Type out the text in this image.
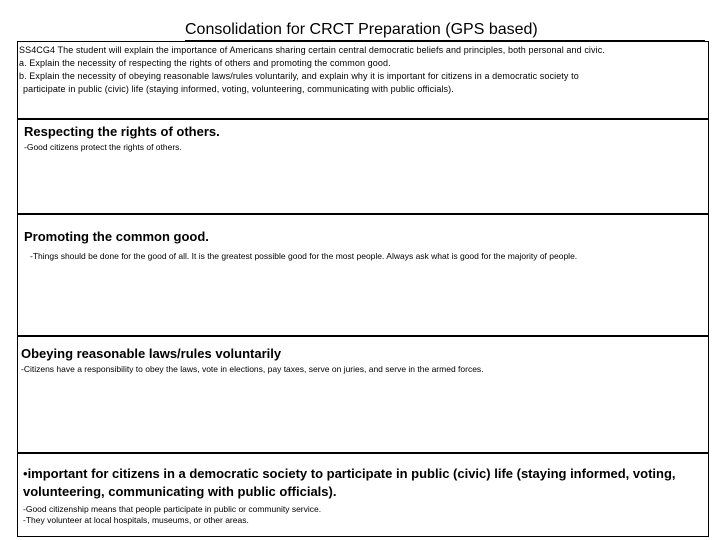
Consolidation for CRCT Preparation (GPS based)
SS4CG4 The student will explain the importance of Americans sharing certain central democratic beliefs and principles, both personal and civic.
a. Explain the necessity of respecting the rights of others and promoting the common good.
b. Explain the necessity of obeying reasonable laws/rules voluntarily, and explain why it is important for citizens in a democratic society to
participate in public (civic) life (staying informed, voting, volunteering, communicating with public officials).
Respecting the rights of others.
-Good citizens protect the rights of others.
Promoting the common good.
-Things should be done for the good of all. It is the greatest possible good for the most people. Always ask what is good for the majority of people.
Obeying reasonable laws/rules voluntarily
-Citizens have a responsibility to obey the laws, vote in elections, pay taxes, serve on juries, and serve in the armed forces.
•important for citizens in a democratic society to participate in public (civic) life (staying informed, voting, volunteering, communicating with public officials).
-Good citizenship means that people participate in public or community service.
-They volunteer at local hospitals, museums, or other areas.
